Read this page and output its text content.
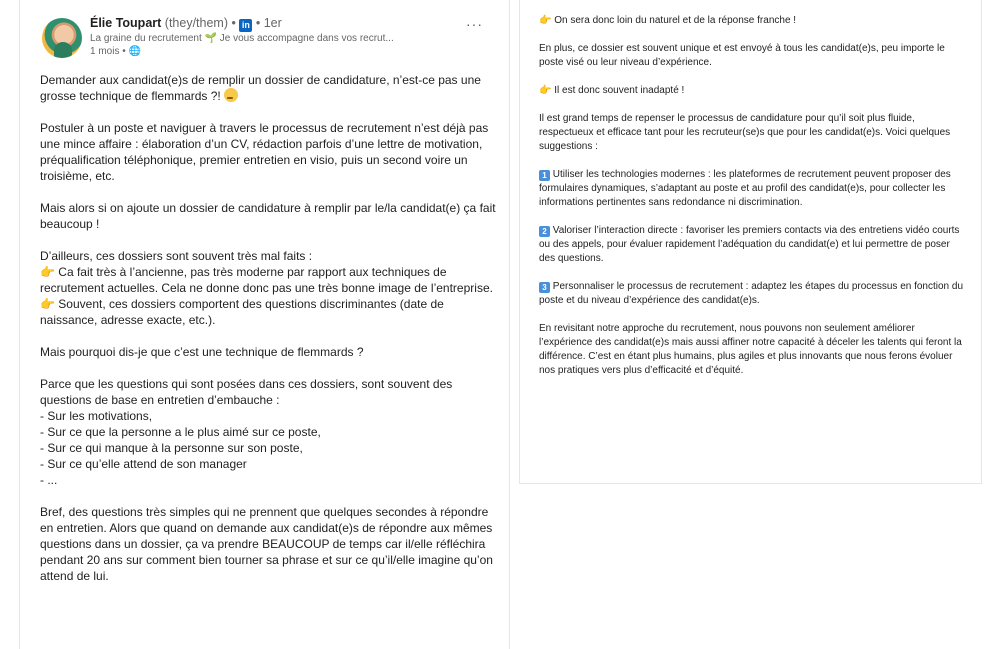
Élie Toupart (they/them) • in • 1er
La graine du recrutement 🌱 Je vous accompagne dans vos recrut...
1 mois • 🌐
···

Demander aux candidat(e)s de remplir un dossier de candidature, n’est-ce pas une grosse technique de flemmards ?!

Postuler à un poste et naviguer à travers le processus de recrutement n’est déjà pas une mince affaire : élaboration d’un CV, rédaction parfois d’une lettre de motivation, préqualification téléphonique, premier entretien en visio, puis un second voire un troisième, etc.

Mais alors si on ajoute un dossier de candidature à remplir par le/la candidat(e) ça fait beaucoup !

D’ailleurs, ces dossiers sont souvent très mal faits :

👉 Ca fait très à l’ancienne, pas très moderne par rapport aux techniques de recrutement actuelles. Cela ne donne donc pas une très bonne image de l’entreprise.

👉 Souvent, ces dossiers comportent des questions discriminantes (date de naissance, adresse exacte, etc.).

Mais pourquoi dis-je que c’est une technique de flemmards ?

Parce que les questions qui sont posées dans ces dossiers, sont souvent des questions de base en entretien d’embauche :

- Sur les motivations,

- Sur ce que la personne a le plus aimé sur ce poste,

- Sur ce qui manque à la personne sur son poste,

- Sur ce qu’elle attend de son manager

- ...

Bref, des questions très simples qui ne prennent que quelques secondes à répondre en entretien. Alors que quand on demande aux candidat(e)s de répondre aux mêmes questions dans un dossier, ça va prendre BEAUCOUP de temps car il/elle réfléchira pendant 20 ans sur comment bien tourner sa phrase et sur ce qu’il/elle imagine qu’on attend de lui.

👉 On sera donc loin du naturel et de la réponse franche !

En plus, ce dossier est souvent unique et est envoyé à tous les candidat(e)s, peu importe le poste visé ou leur niveau d’expérience.

👉 Il est donc souvent inadapté !

Il est grand temps de repenser le processus de candidature pour qu’il soit plus fluide, respectueux et efficace tant pour les recruteur(se)s que pour les candidat(e)s. Voici quelques suggestions :

1 Utiliser les technologies modernes : les plateformes de recrutement peuvent proposer des formulaires dynamiques, s’adaptant au poste et au profil des candidat(e)s, pour collecter les informations pertinentes sans redondance ni discrimination.

2 Valoriser l’interaction directe : favoriser les premiers contacts via des entretiens vidéo courts ou des appels, pour évaluer rapidement l’adéquation du candidat(e) et lui permettre de poser des questions.

3 Personnaliser le processus de recrutement : adaptez les étapes du processus en fonction du poste et du niveau d’expérience des candidat(e)s.

En revisitant notre approche du recrutement, nous pouvons non seulement améliorer l’expérience des candidat(e)s mais aussi affiner notre capacité à déceler les talents qui feront la différence. C’est en étant plus humains, plus agiles et plus innovants que nous ferons évoluer nos pratiques vers plus d’efficacité et d’équité.
